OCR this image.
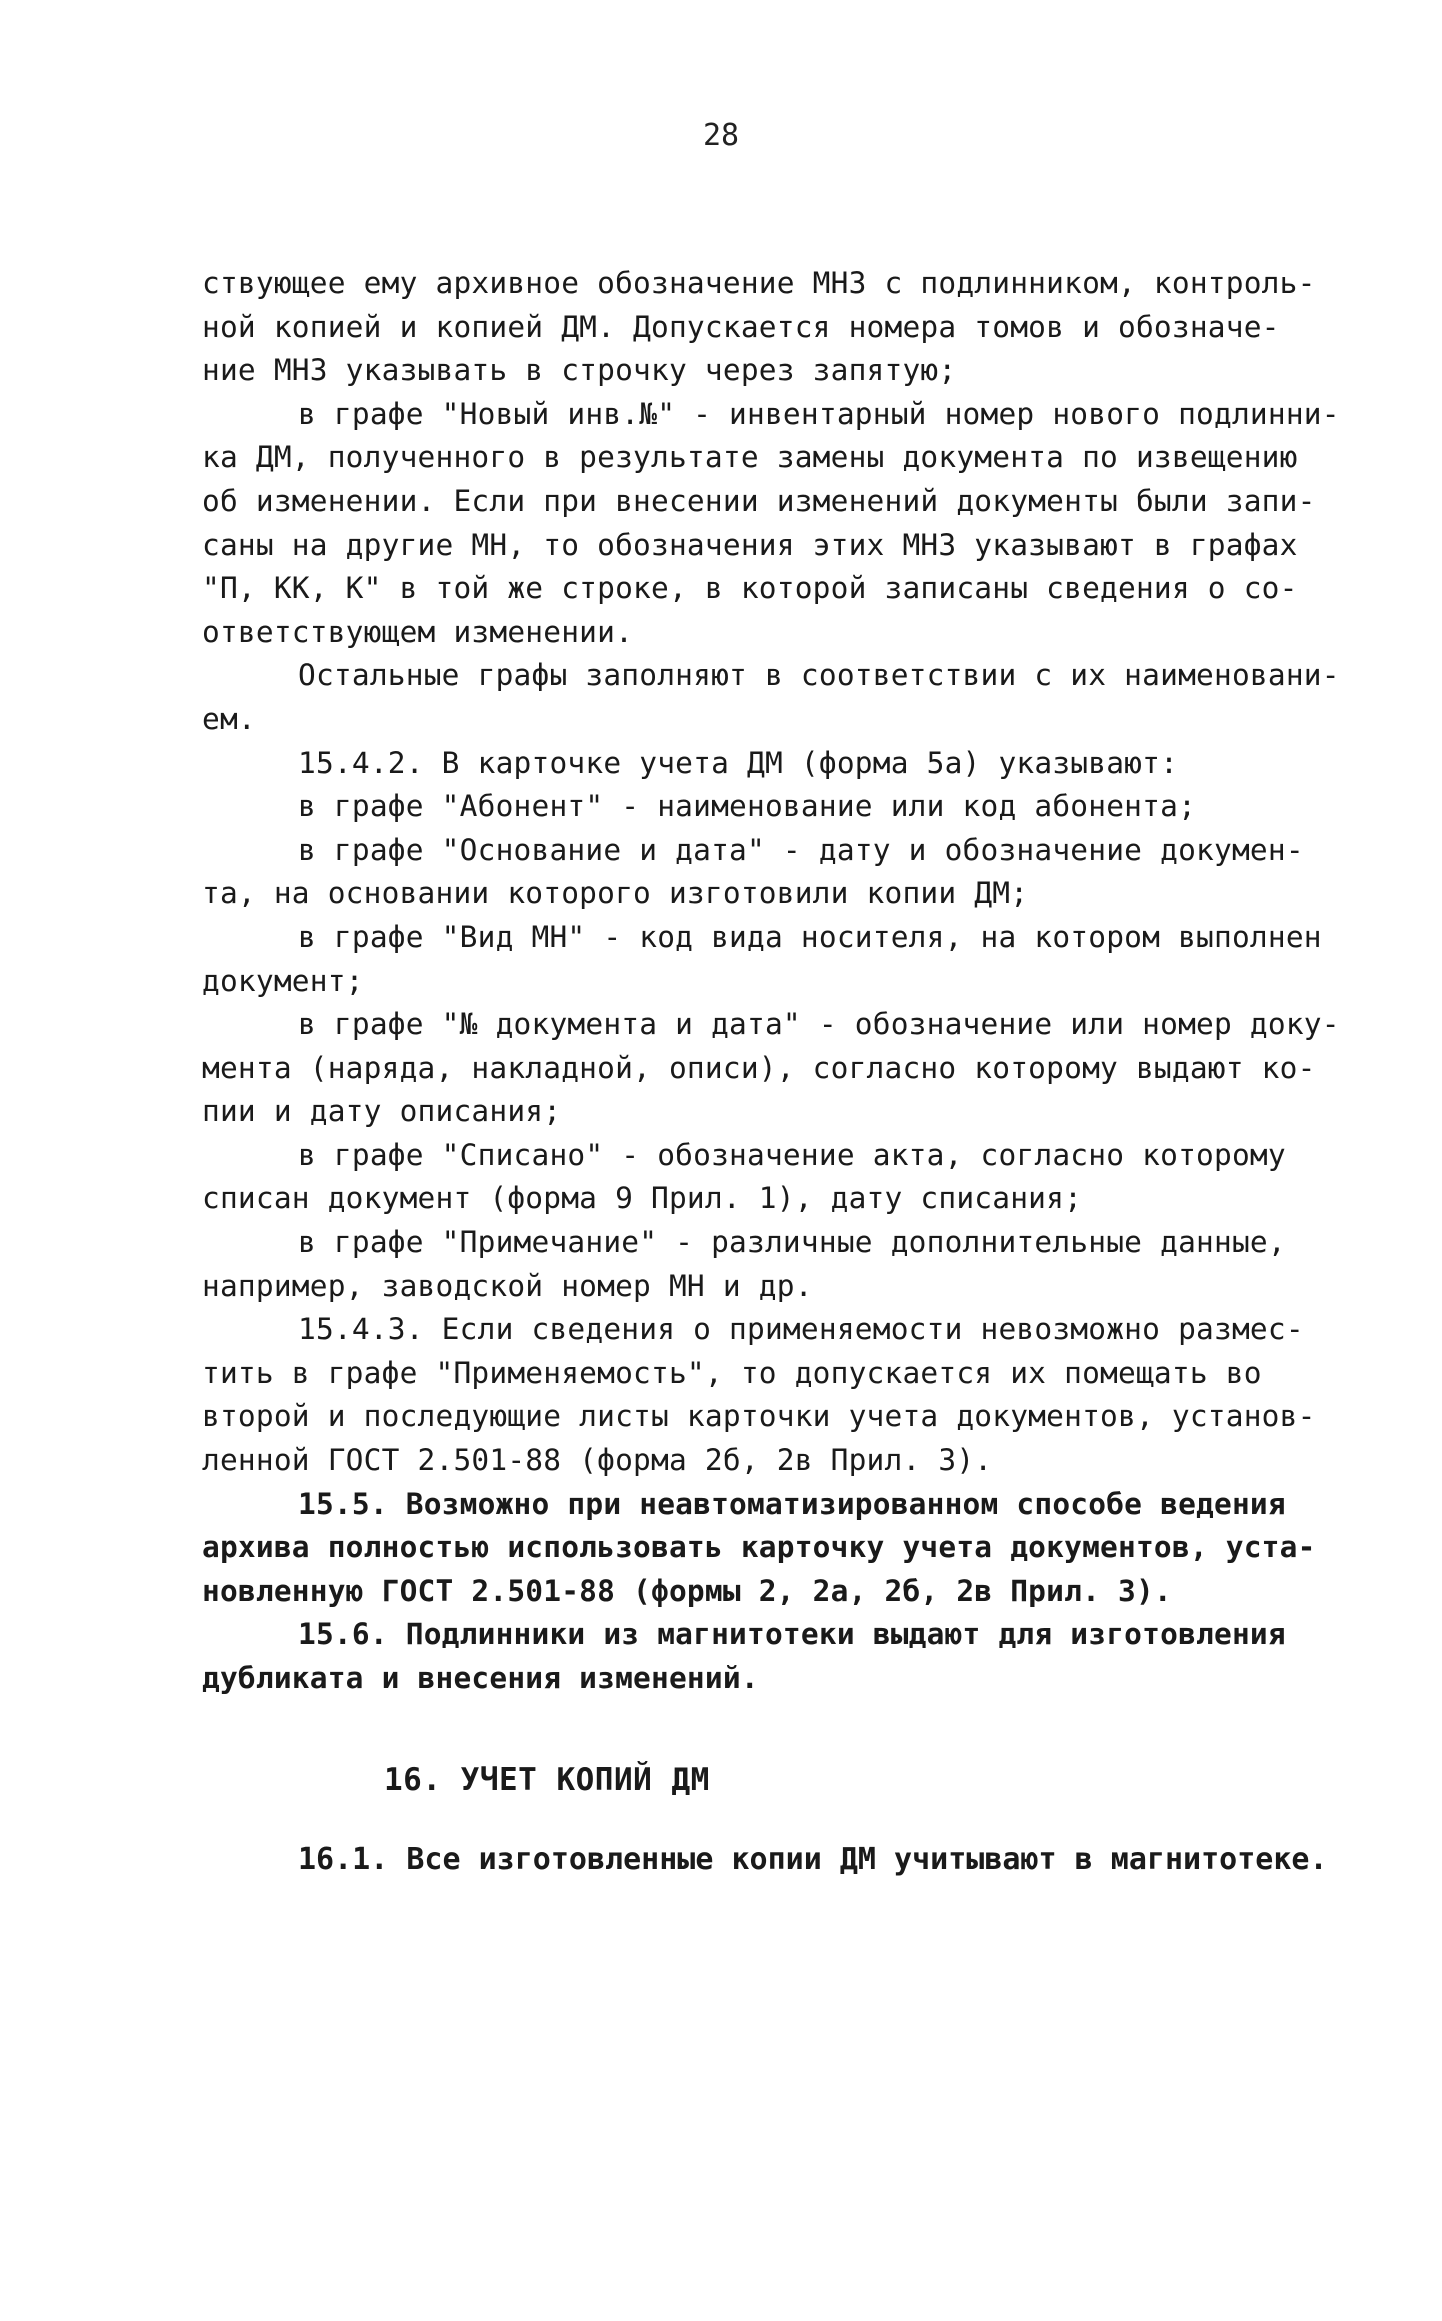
28
ствующее ему архивное обозначение МНЗ с подлинником, контроль-
ной копией и копией ДМ. Допускается номера томов и обозначе-
ние МНЗ указывать в строчку через запятую;
в графе "Новый инв.№" - инвентарный номер нового подлинни-
ка ДМ, полученного в результате замены документа по извещению
об изменении. Если при внесении изменений документы были запи-
саны на другие МН, то обозначения этих МНЗ указывают в графах
"П, КК, К" в той же строке, в которой записаны сведения о со-
ответствующем изменении.
Остальные графы заполняют в соответствии с их наименовани-
ем.
15.4.2. В карточке учета ДМ (форма 5а) указывают:
в графе "Абонент" - наименование или код абонента;
в графе "Основание и дата" - дату и обозначение докумен-
та, на основании которого изготовили копии ДМ;
в графе "Вид МН" - код вида носителя, на котором выполнен
документ;
в графе "№ документа и дата" - обозначение или номер доку-
мента (наряда, накладной, описи), согласно которому выдают ко-
пии и дату описания;
в графе "Списано" - обозначение акта, согласно которому
списан документ (форма 9 Прил. 1), дату списания;
в графе "Примечание" - различные дополнительные данные,
например, заводской номер МН и др.
15.4.3. Если сведения о применяемости невозможно размес-
тить в графе "Применяемость", то допускается их помещать во
второй и последующие листы карточки учета документов, установ-
ленной ГОСТ 2.501-88 (форма 2б, 2в Прил. 3).
15.5. Возможно при неавтоматизированном способе ведения
архива полностью использовать карточку учета документов, уста-
новленную ГОСТ 2.501-88 (формы 2, 2а, 2б, 2в Прил. 3).
15.6. Подлинники из магнитотеки выдают для изготовления
дубликата и внесения изменений.
16. УЧЕТ КОПИЙ ДМ
16.1. Все изготовленные копии ДМ учитывают в магнитотеке.
